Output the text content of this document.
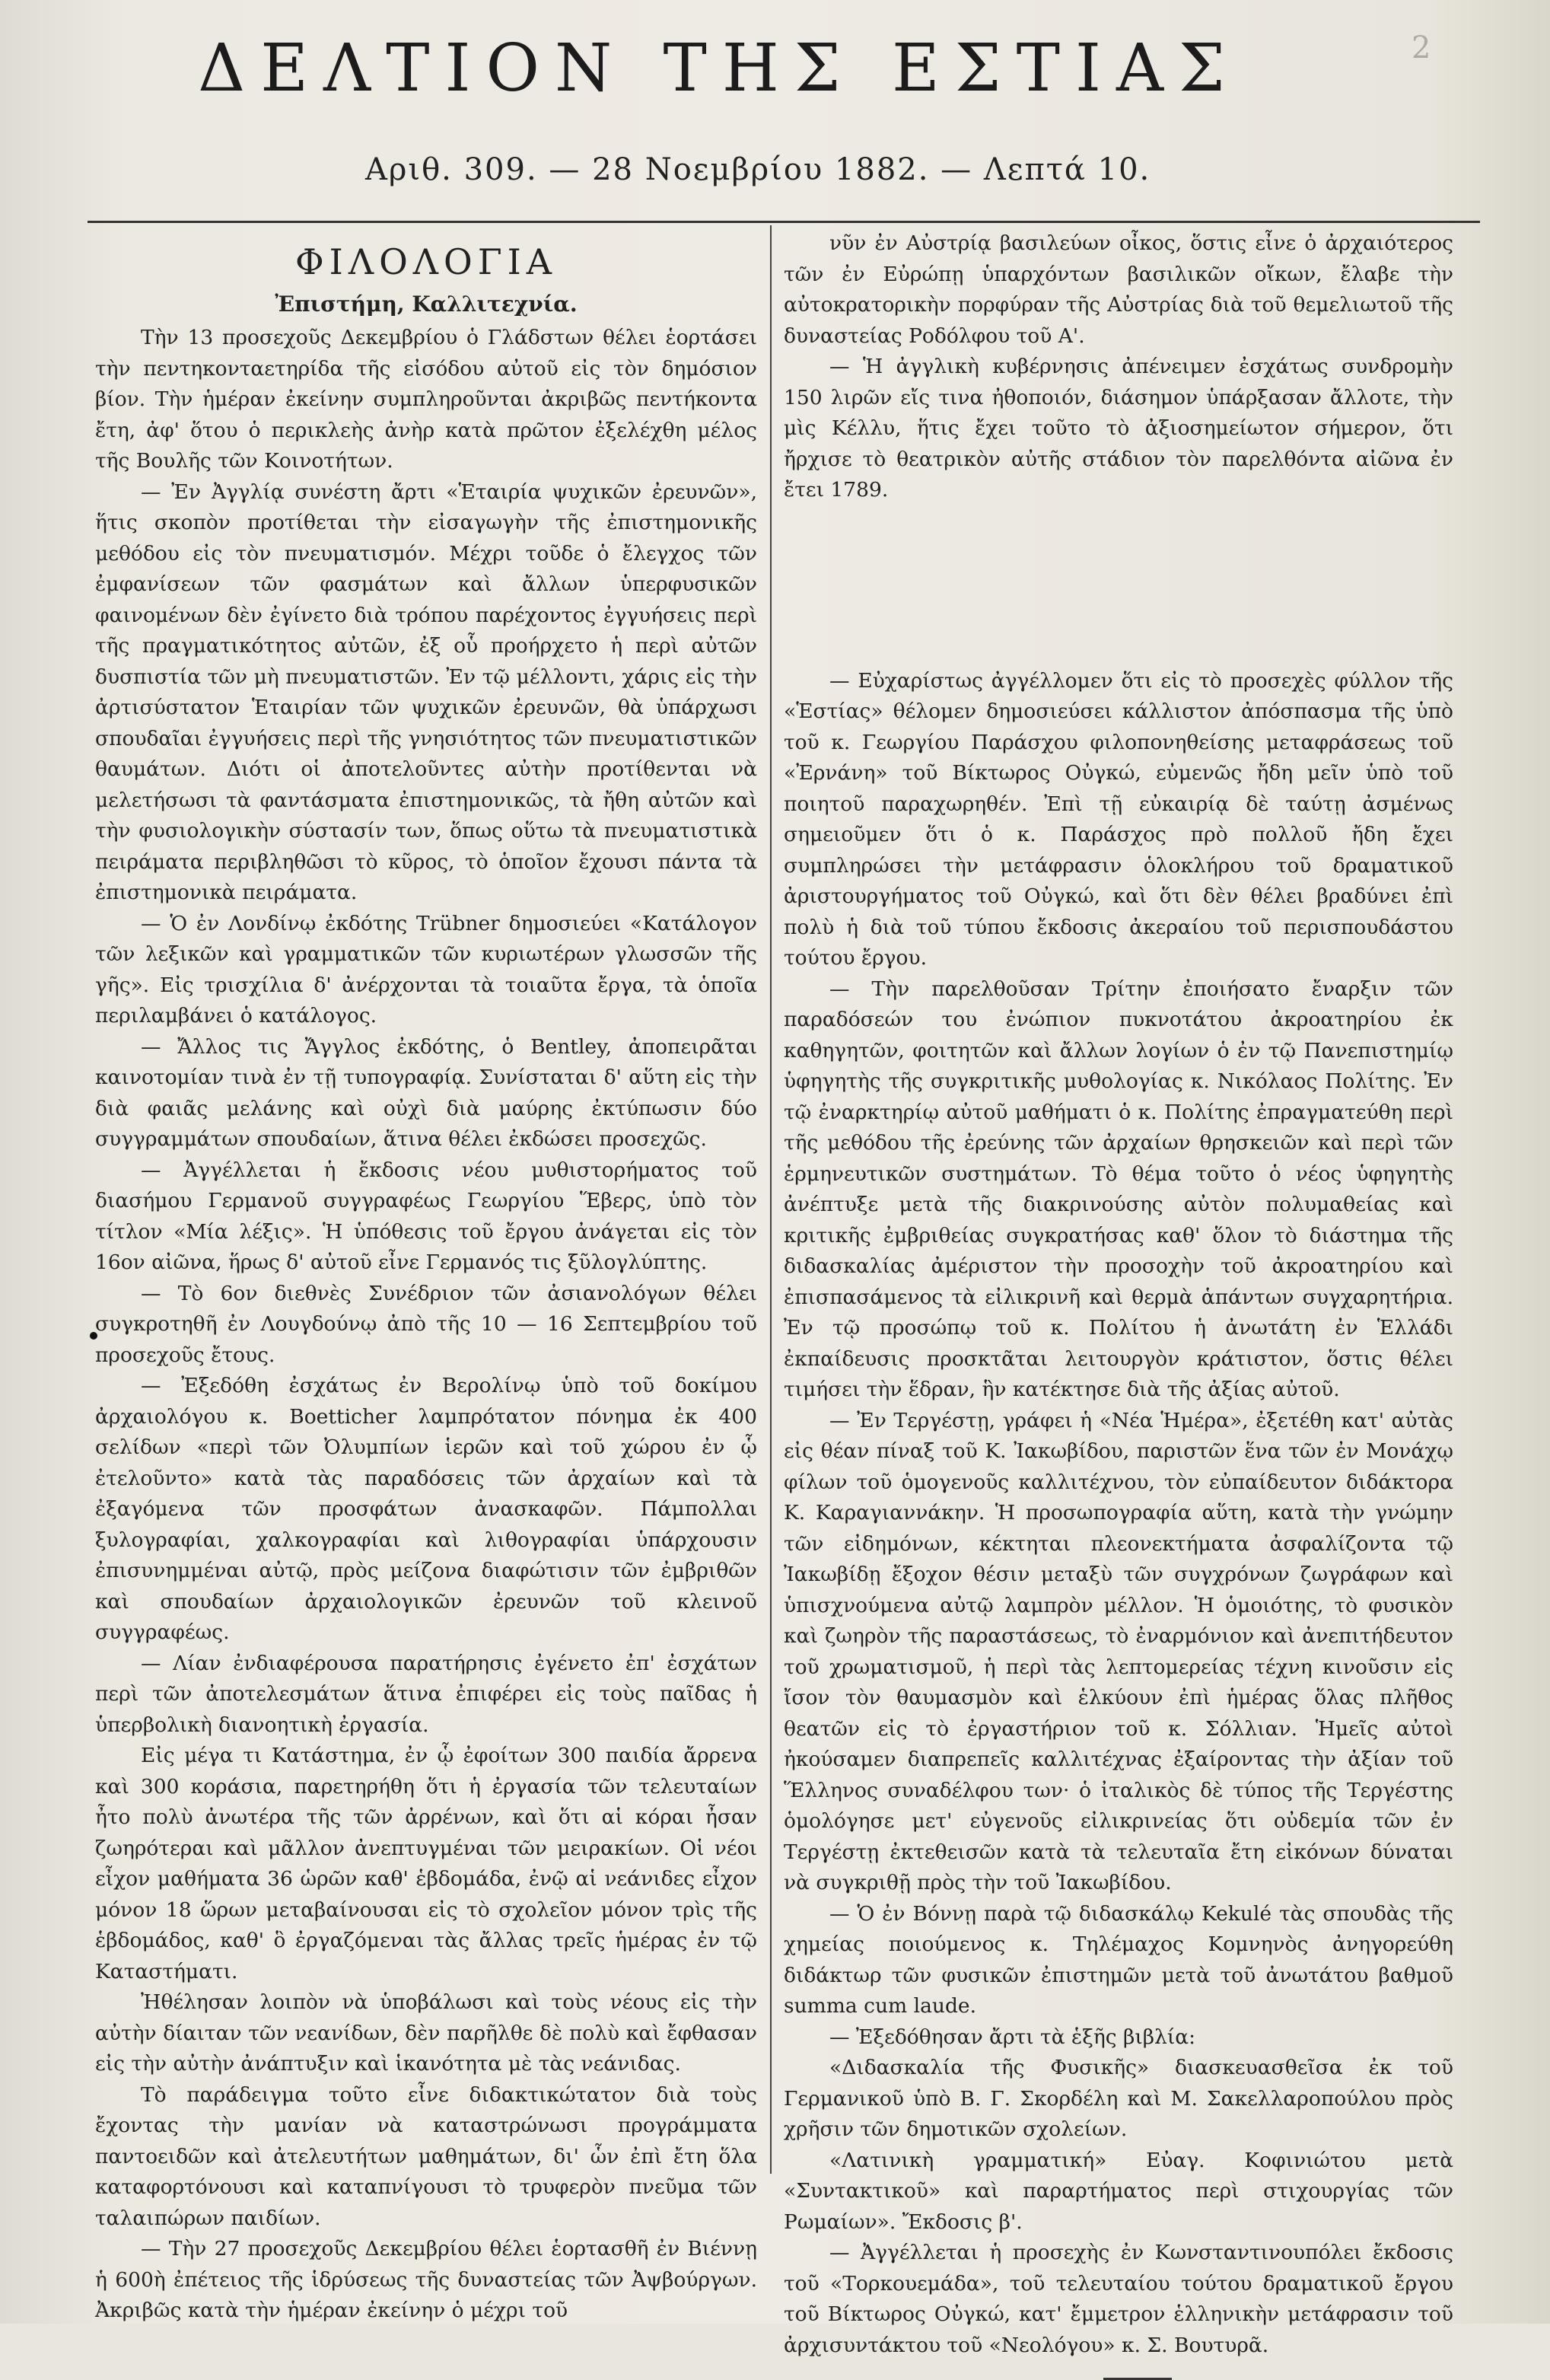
2
ΔΕΛΤΙΟΝ ΤΗΣ ΕΣΤΙΑΣ
Αριθ. 309. — 28 Νοεμβρίου 1882. — Λεπτά 10.
ΦΙΛΟΛΟΓΙΑ
Ἐπιστήμη, Καλλιτεχνία.

Τὴν 13 προσεχοῦς Δεκεμβρίου ὁ Γλάδστων θέλει ἑορτάσει τὴν πεντηκονταετηρίδα τῆς εἰσόδου αὐτοῦ εἰς τὸν δημόσιον βίον. Τὴν ἡμέραν ἐκείνην συμπληροῦνται ἀκριβῶς πεντήκοντα ἔτη, ἀφ' ὅτου ὁ περικλεὴς ἀνὴρ κατὰ πρῶτον ἐξελέχθη μέλος τῆς Βουλῆς τῶν Κοινοτήτων.

— Ἐν Ἀγγλίᾳ συνέστη ἄρτι «Ἑταιρία ψυχικῶν ἐρευνῶν», ἥτις σκοπὸν προτίθεται τὴν εἰσαγωγὴν τῆς ἐπιστημονικῆς μεθόδου εἰς τὸν πνευματισμόν. Μέχρι τοῦδε ὁ ἔλεγχος τῶν ἐμφανίσεων τῶν φασμάτων καὶ ἄλλων ὑπερφυσικῶν φαινομένων δὲν ἐγίνετο διὰ τρόπου παρέχοντος ἐγγυήσεις περὶ τῆς πραγματικότητος αὐτῶν, ἐξ οὗ προήρχετο ἡ περὶ αὐτῶν δυσπιστία τῶν μὴ πνευματιστῶν. Ἐν τῷ μέλλοντι, χάρις εἰς τὴν ἀρτισύστατον Ἑταιρίαν τῶν ψυχικῶν ἐρευνῶν, θὰ ὑπάρχωσι σπουδαῖαι ἐγγυήσεις περὶ τῆς γνησιότητος τῶν πνευματιστικῶν θαυμάτων. Διότι οἱ ἀποτελοῦντες αὐτὴν προτίθενται νὰ μελετήσωσι τὰ φαντάσματα ἐπιστημονικῶς, τὰ ἤθη αὐτῶν καὶ τὴν φυσιολογικὴν σύστασίν των, ὅπως οὕτω τὰ πνευματιστικὰ πειράματα περιβληθῶσι τὸ κῦρος, τὸ ὁποῖον ἔχουσι πάντα τὰ ἐπιστημονικὰ πειράματα.

— Ὁ ἐν Λονδίνῳ ἐκδότης Trübner δημοσιεύει «Κατάλογον τῶν λεξικῶν καὶ γραμματικῶν τῶν κυριωτέρων γλωσσῶν τῆς γῆς». Εἰς τρισχίλια δ' ἀνέρχονται τὰ τοιαῦτα ἔργα, τὰ ὁποῖα περιλαμβάνει ὁ κατάλογος.

— Ἄλλος τις Ἄγγλος ἐκδότης, ὁ Bentley, ἀποπειρᾶται καινοτομίαν τινὰ ἐν τῇ τυπογραφίᾳ. Συνίσταται δ' αὕτη εἰς τὴν διὰ φαιᾶς μελάνης καὶ οὐχὶ διὰ μαύρης ἐκτύπωσιν δύο συγγραμμάτων σπουδαίων, ἅτινα θέλει ἐκδώσει προσεχῶς.

— Ἀγγέλλεται ἡ ἔκδοσις νέου μυθιστορήματος τοῦ διασήμου Γερμανοῦ συγγραφέως Γεωργίου Ἕβερς, ὑπὸ τὸν τίτλον «Μία λέξις». Ἡ ὑπόθεσις τοῦ ἔργου ἀνάγεται εἰς τὸν 16ον αἰῶνα, ἥρως δ' αὐτοῦ εἶνε Γερμανός τις ξῦλογλύπτης.

— Τὸ 6ον διεθνὲς Συνέδριον τῶν ἀσιανολόγων θέλει συγκροτηθῆ ἐν Λουγδούνῳ ἀπὸ τῆς 10 — 16 Σεπτεμβρίου τοῦ προσεχοῦς ἔτους.

— Ἐξεδόθη ἐσχάτως ἐν Βερολίνῳ ὑπὸ τοῦ δοκίμου ἀρχαιολόγου κ. Boetticher λαμπρότατον πόνημα ἐκ 400 σελίδων «περὶ τῶν Ὀλυμπίων ἱερῶν καὶ τοῦ χώρου ἐν ᾧ ἐτελοῦντο» κατὰ τὰς παραδόσεις τῶν ἀρχαίων καὶ τὰ ἐξαγόμενα τῶν προσφάτων ἀνασκαφῶν. Πάμπολλαι ξυλογραφίαι, χαλκογραφίαι καὶ λιθογραφίαι ὑπάρχουσιν ἐπισυνημμέναι αὐτῷ, πρὸς μείζονα διαφώτισιν τῶν ἐμβριθῶν καὶ σπουδαίων ἀρχαιολογικῶν ἐρευνῶν τοῦ κλεινοῦ συγγραφέως.

— Λίαν ἐνδιαφέρουσα παρατήρησις ἐγένετο ἐπ' ἐσχάτων περὶ τῶν ἀποτελεσμάτων ἅτινα ἐπιφέρει εἰς τοὺς παῖδας ἡ ὑπερβολικὴ διανοητικὴ ἐργασία.

Εἰς μέγα τι Κατάστημα, ἐν ᾧ ἐφοίτων 300 παιδία ἄρρενα καὶ 300 κοράσια, παρετηρήθη ὅτι ἡ ἐργασία τῶν τελευταίων ἦτο πολὺ ἀνωτέρα τῆς τῶν ἀρρένων, καὶ ὅτι αἱ κόραι ἦσαν ζωηρότεραι καὶ μᾶλλον ἀνεπτυγμέναι τῶν μειρακίων. Οἱ νέοι εἶχον μαθήματα 36 ὡρῶν καθ' ἑβδομάδα, ἐνῷ αἱ νεάνιδες εἶχον μόνον 18 ὥρων μεταβαίνουσαι εἰς τὸ σχολεῖον μόνον τρὶς τῆς ἑβδομάδος, καθ' ὃ ἐργαζόμεναι τὰς ἄλλας τρεῖς ἡμέρας ἐν τῷ Καταστήματι.

Ἠθέλησαν λοιπὸν νὰ ὑποβάλωσι καὶ τοὺς νέους εἰς τὴν αὐτὴν δίαιταν τῶν νεανίδων, δὲν παρῆλθε δὲ πολὺ καὶ ἔφθασαν εἰς τὴν αὐτὴν ἀνάπτυξιν καὶ ἱκανότητα μὲ τὰς νεάνιδας.

Τὸ παράδειγμα τοῦτο εἶνε διδακτικώτατον διὰ τοὺς ἔχοντας τὴν μανίαν νὰ καταστρώνωσι προγράμματα παντοειδῶν καὶ ἀτελευτήτων μαθημάτων, δι' ὧν ἐπὶ ἔτη ὅλα καταφορτόνουσι καὶ καταπνίγουσι τὸ τρυφερὸν πνεῦμα τῶν ταλαιπώρων παιδίων.

— Τὴν 27 προσεχοῦς Δεκεμβρίου θέλει ἑορτασθῆ ἐν Βιέννῃ ἡ 600ὴ ἐπέτειος τῆς ἱδρύσεως τῆς δυναστείας τῶν Ἀψβούργων. Ἀκριβῶς κατὰ τὴν ἡμέραν ἐκείνην ὁ μέχρι τοῦ

νῦν ἐν Αὐστρίᾳ βασιλεύων οἶκος, ὅστις εἶνε ὁ ἀρχαιότερος τῶν ἐν Εὐρώπῃ ὑπαρχόντων βασιλικῶν οἴκων, ἔλαβε τὴν αὐτοκρατορικὴν πορφύραν τῆς Αὐστρίας διὰ τοῦ θεμελιωτοῦ τῆς δυναστείας Ροδόλφου τοῦ Α'.

— Ἡ ἀγγλικὴ κυβέρνησις ἀπένειμεν ἐσχάτως συνδρομὴν 150 λιρῶν εἴς τινα ἠθοποιόν, διάσημον ὑπάρξασαν ἄλλοτε, τὴν μὶς Κέλλυ, ἥτις ἔχει τοῦτο τὸ ἀξιοσημείωτον σήμερον, ὅτι ἤρχισε τὸ θεατρικὸν αὐτῆς στάδιον τὸν παρελθόντα αἰῶνα ἐν ἔτει 1789.

— Εὐχαρίστως ἀγγέλλομεν ὅτι εἰς τὸ προσεχὲς φύλλον τῆς «Ἑστίας» θέλομεν δημοσιεύσει κάλλιστον ἀπόσπασμα τῆς ὑπὸ τοῦ κ. Γεωργίου Παράσχου φιλοπονηθείσης μεταφράσεως τοῦ «Ἐρνάνη» τοῦ Βίκτωρος Οὐγκώ, εὐμενῶς ἤδη μεῖν ὑπὸ τοῦ ποιητοῦ παραχωρηθέν. Ἐπὶ τῇ εὐκαιρίᾳ δὲ ταύτῃ ἀσμένως σημειοῦμεν ὅτι ὁ κ. Παράσχος πρὸ πολλοῦ ἤδη ἔχει συμπληρώσει τὴν μετάφρασιν ὁλοκλήρου τοῦ δραματικοῦ ἀριστουργήματος τοῦ Οὐγκώ, καὶ ὅτι δὲν θέλει βραδύνει ἐπὶ πολὺ ἡ διὰ τοῦ τύπου ἔκδοσις ἀκεραίου τοῦ περισπουδάστου τούτου ἔργου.

— Τὴν παρελθοῦσαν Τρίτην ἐποιήσατο ἔναρξιν τῶν παραδόσεών του ἐνώπιον πυκνοτάτου ἀκροατηρίου ἐκ καθηγητῶν, φοιτητῶν καὶ ἄλλων λογίων ὁ ἐν τῷ Πανεπιστημίῳ ὑφηγητὴς τῆς συγκριτικῆς μυθολογίας κ. Νικόλαος Πολίτης. Ἐν τῷ ἐναρκτηρίῳ αὐτοῦ μαθήματι ὁ κ. Πολίτης ἐπραγματεύθη περὶ τῆς μεθόδου τῆς ἐρεύνης τῶν ἀρχαίων θρησκειῶν καὶ περὶ τῶν ἑρμηνευτικῶν συστημάτων. Τὸ θέμα τοῦτο ὁ νέος ὑφηγητὴς ἀνέπτυξε μετὰ τῆς διακρινούσης αὐτὸν πολυμαθείας καὶ κριτικῆς ἐμβριθείας συγκρατήσας καθ' ὅλον τὸ διάστημα τῆς διδασκαλίας ἀμέριστον τὴν προσοχὴν τοῦ ἀκροατηρίου καὶ ἐπισπασάμενος τὰ εἰλικρινῆ καὶ θερμὰ ἁπάντων συγχαρητήρια. Ἐν τῷ προσώπῳ τοῦ κ. Πολίτου ἡ ἀνωτάτη ἐν Ἑλλάδι ἐκπαίδευσις προσκτᾶται λειτουργὸν κράτιστον, ὅστις θέλει τιμήσει τὴν ἕδραν, ἣν κατέκτησε διὰ τῆς ἀξίας αὐτοῦ.

— Ἐν Τεργέστῃ, γράφει ἡ «Νέα Ἡμέρα», ἐξετέθη κατ' αὐτὰς εἰς θέαν πίναξ τοῦ Κ. Ἰακωβίδου, παριστῶν ἕνα τῶν ἐν Μονάχῳ φίλων τοῦ ὁμογενοῦς καλλιτέχνου, τὸν εὐπαίδευτον διδάκτορα Κ. Καραγιαννάκην. Ἡ προσωπογραφία αὕτη, κατὰ τὴν γνώμην τῶν εἰδημόνων, κέκτηται πλεονεκτήματα ἀσφαλίζοντα τῷ Ἰακωβίδῃ ἔξοχον θέσιν μεταξὺ τῶν συγχρόνων ζωγράφων καὶ ὑπισχνούμενα αὐτῷ λαμπρὸν μέλλον. Ἡ ὁμοιότης, τὸ φυσικὸν καὶ ζωηρὸν τῆς παραστάσεως, τὸ ἐναρμόνιον καὶ ἀνεπιτήδευτον τοῦ χρωματισμοῦ, ἡ περὶ τὰς λεπτομερείας τέχνη κινοῦσιν εἰς ἴσον τὸν θαυμασμὸν καὶ ἑλκύουν ἐπὶ ἡμέρας ὅλας πλῆθος θεατῶν εἰς τὸ ἐργαστήριον τοῦ κ. Σόλλιαν. Ἡμεῖς αὐτοὶ ἠκούσαμεν διαπρεπεῖς καλλιτέχνας ἐξαίροντας τὴν ἀξίαν τοῦ Ἕλληνος συναδέλφου των· ὁ ἰταλικὸς δὲ τύπος τῆς Τεργέστης ὁμολόγησε μετ' εὐγενοῦς εἰλικρινείας ὅτι οὐδεμία τῶν ἐν Τεργέστῃ ἐκτεθεισῶν κατὰ τὰ τελευταῖα ἔτη εἰκόνων δύναται νὰ συγκριθῇ πρὸς τὴν τοῦ Ἰακωβίδου.

— Ὁ ἐν Βόννῃ παρὰ τῷ διδασκάλῳ Kekulé τὰς σπουδὰς τῆς χημείας ποιούμενος κ. Τηλέμαχος Κομνηνὸς ἀνηγορεύθη διδάκτωρ τῶν φυσικῶν ἐπιστημῶν μετὰ τοῦ ἀνωτάτου βαθμοῦ summa cum laude.

— Ἐξεδόθησαν ἄρτι τὰ ἑξῆς βιβλία:

«Διδασκαλία τῆς Φυσικῆς» διασκευασθεῖσα ἐκ τοῦ Γερμανικοῦ ὑπὸ Β. Γ. Σκορδέλη καὶ Μ. Σακελλαροπούλου πρὸς χρῆσιν τῶν δημοτικῶν σχολείων.

«Λατινικὴ γραμματική» Εὐαγ. Κοφινιώτου μετὰ «Συντακτικοῦ» καὶ παραρτήματος περὶ στιχουργίας τῶν Ρωμαίων». Ἔκδοσις β'.

— Ἀγγέλλεται ἡ προσεχὴς ἐν Κωνσταντινουπόλει ἔκδοσις τοῦ «Τορκουεμάδα», τοῦ τελευταίου τούτου δραματικοῦ ἔργου τοῦ Βίκτωρος Οὐγκώ, κατ' ἔμμετρον ἑλληνικὴν μετάφρασιν τοῦ ἀρχισυντάκτου τοῦ «Νεολόγου» κ. Σ. Βουτυρᾶ.
